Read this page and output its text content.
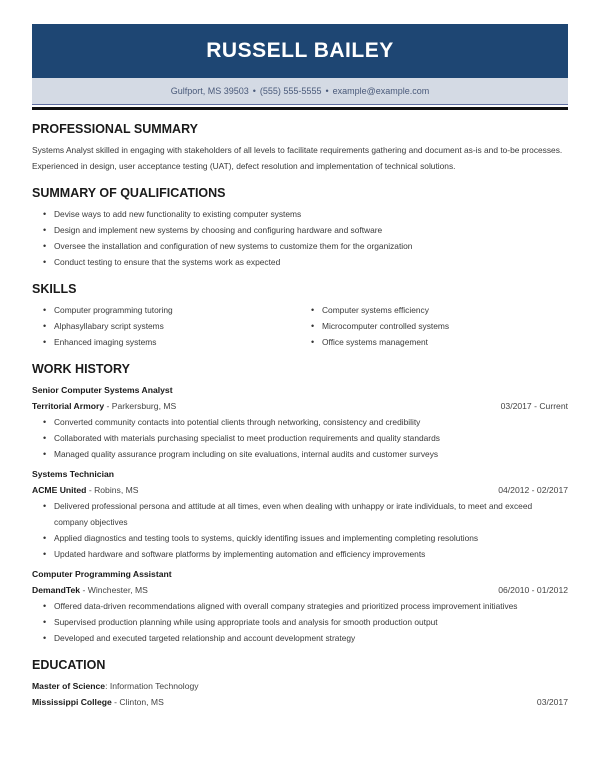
RUSSELL BAILEY
Gulfport, MS 39503 • (555) 555-5555 • example@example.com
PROFESSIONAL SUMMARY

Systems Analyst skilled in engaging with stakeholders of all levels to facilitate requirements gathering and document as-is and to-be processes. Experienced in design, user acceptance testing (UAT), defect resolution and implementation of technical solutions.

SUMMARY OF QUALIFICATIONS
• Devise ways to add new functionality to existing computer systems
• Design and implement new systems by choosing and configuring hardware and software
• Oversee the installation and configuration of new systems to customize them for the organization
• Conduct testing to ensure that the systems work as expected
SKILLS
• Computer programming tutoring
• Alphasyllabary script systems
• Enhanced imaging systems
• Computer systems efficiency
• Microcomputer controlled systems
• Office systems management
WORK HISTORY
Senior Computer Systems Analyst
Territorial Armory - Parkersburg, MS	03/2017 - Current
• Converted community contacts into potential clients through networking, consistency and credibility
• Collaborated with materials purchasing specialist to meet production requirements and quality standards
• Managed quality assurance program including on site evaluations, internal audits and customer surveys
Systems Technician
ACME United - Robins, MS	04/2012 - 02/2017
• Delivered professional persona and attitude at all times, even when dealing with unhappy or irate individuals, to meet and exceed company objectives
• Applied diagnostics and testing tools to systems, quickly identifing issues and implementing completing resolutions
• Updated hardware and software platforms by implementing automation and efficiency improvements
Computer Programming Assistant
DemandTek - Winchester, MS	06/2010 - 01/2012
• Offered data-driven recommendations aligned with overall company strategies and prioritized process improvement initiatives
• Supervised production planning while using appropriate tools and analysis for smooth production output
• Developed and executed targeted relationship and account development strategy
EDUCATION
Master of Science: Information Technology
Mississippi College - Clinton, MS	03/2017
